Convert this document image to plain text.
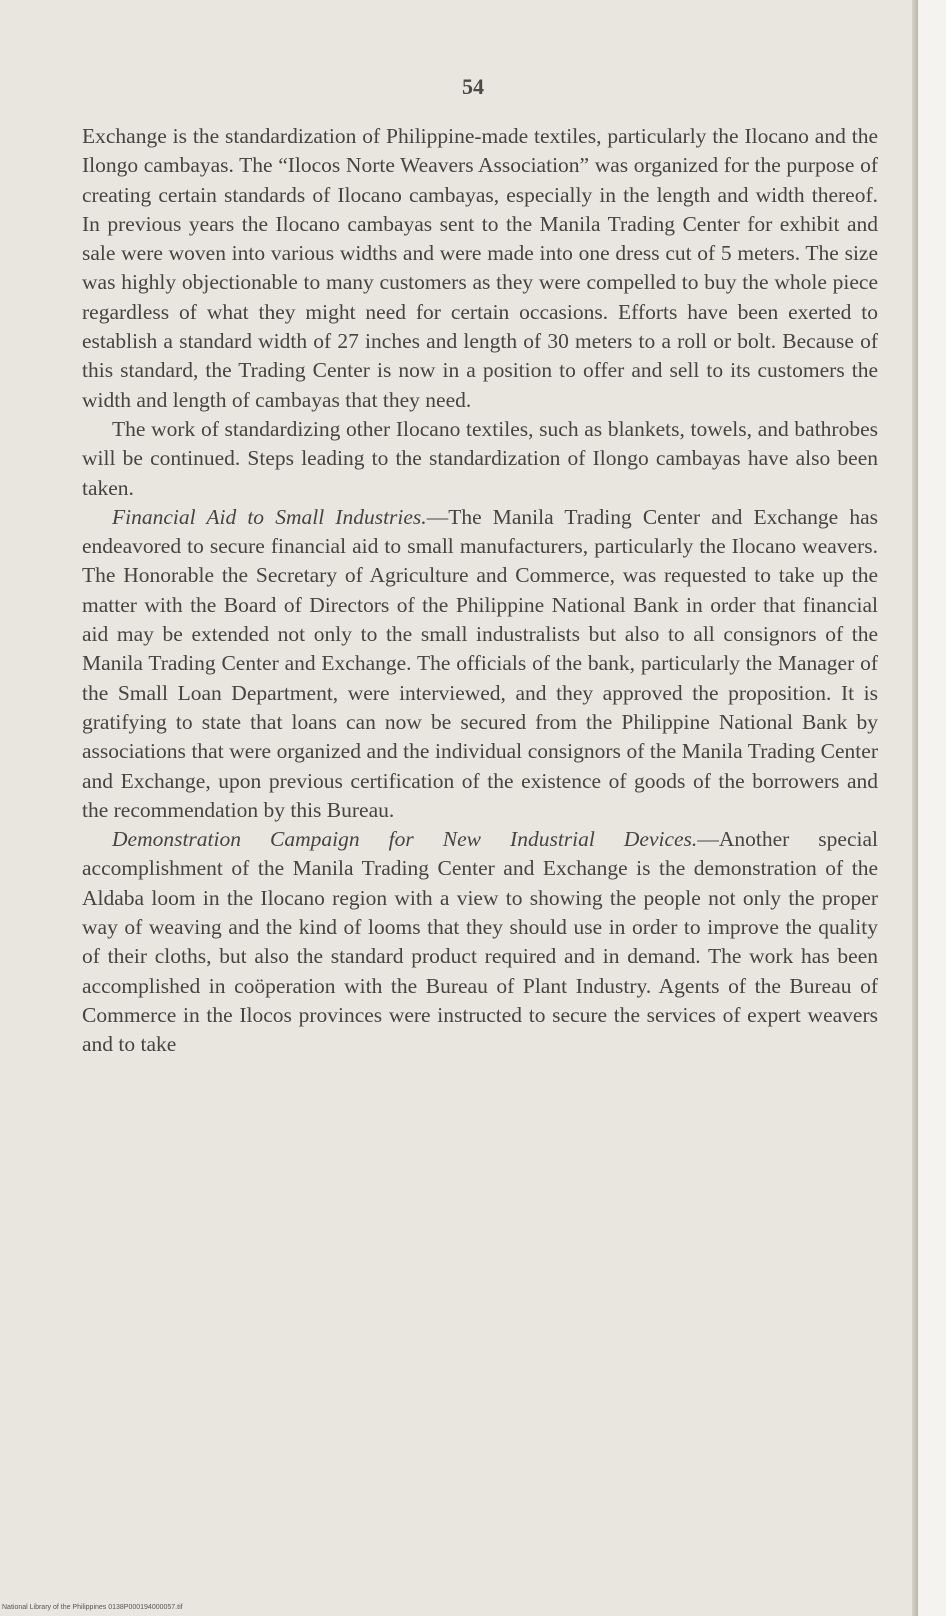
Exchange is the standardization of Philippine-made textiles, particularly the Ilocano and the Ilongo cambayas. The “Ilocos Norte Weavers Association” was organized for the purpose of creating certain standards of Ilocano cambayas, especially in the length and width thereof. In previous years the Ilocano cambayas sent to the Manila Trading Center for exhibit and sale were woven into various widths and were made into one dress cut of 5 meters. The size was highly objectionable to many customers as they were compelled to buy the whole piece regardless of what they might need for certain occasions. Efforts have been exerted to establish a standard width of 27 inches and length of 30 meters to a roll or bolt. Because of this standard, the Trading Center is now in a position to offer and sell to its customers the width and length of cambayas that they need.

The work of standardizing other Ilocano textiles, such as blankets, towels, and bathrobes will be continued. Steps leading to the standardization of Ilongo cambayas have also been taken.

Financial Aid to Small Industries.—The Manila Trading Center and Exchange has endeavored to secure financial aid to small manufacturers, particularly the Ilocano weavers. The Honorable the Secretary of Agriculture and Commerce, was requested to take up the matter with the Board of Directors of the Philippine National Bank in order that financial aid may be extended not only to the small industralists but also to all consignors of the Manila Trading Center and Exchange. The officials of the bank, particularly the Manager of the Small Loan Department, were interviewed, and they approved the proposition. It is gratifying to state that loans can now be secured from the Philippine National Bank by associations that were organized and the individual consignors of the Manila Trading Center and Exchange, upon previous certification of the existence of goods of the borrowers and the recommendation by this Bureau.

Demonstration Campaign for New Industrial Devices.—Another special accomplishment of the Manila Trading Center and Exchange is the demonstration of the Aldaba loom in the Ilocano region with a view to showing the people not only the proper way of weaving and the kind of looms that they should use in order to improve the quality of their cloths, but also the standard product required and in demand. The work has been accomplished in coöperation with the Bureau of Plant Industry. Agents of the Bureau of Commerce in the Ilocos provinces were instructed to secure the services of expert weavers and to take

54
National Library of the Philippines 0138P000194000057.tif
